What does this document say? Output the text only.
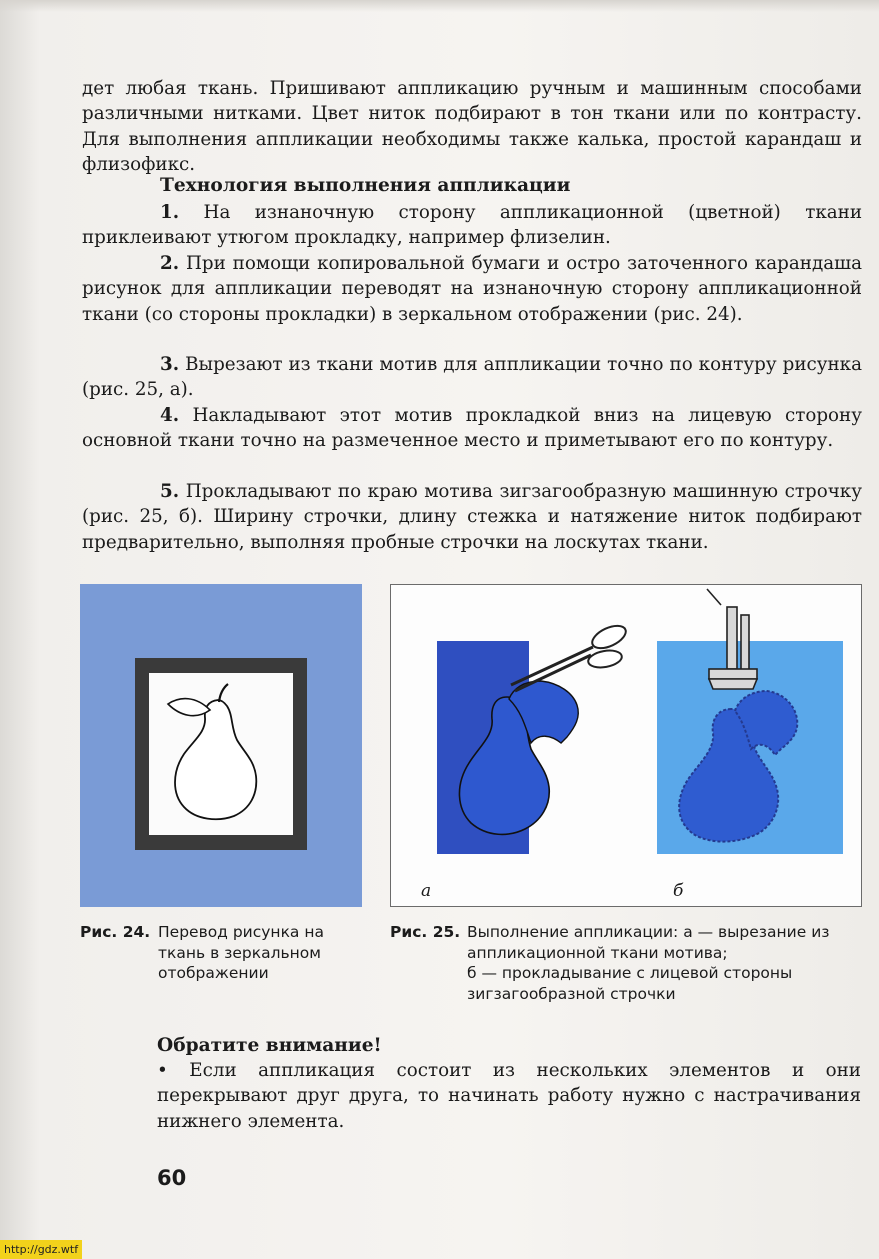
дет любая ткань. Пришивают аппликацию ручным и машинным способами различными нитками. Цвет ниток подбирают в тон ткани или по контрасту. Для выполнения аппликации необходимы также калька, простой карандаш и флизофикс.

Технология выполнения аппликации

1. На изнаночную сторону аппликационной (цветной) ткани приклеивают утюгом прокладку, например флизелин.

2. При помощи копировальной бумаги и остро заточенного карандаша рисунок для аппликации переводят на изнаночную сторону аппликационной ткани (со стороны прокладки) в зеркальном отображении (рис. 24).

3. Вырезают из ткани мотив для аппликации точно по контуру рисунка (рис. 25, а).

4. Накладывают этот мотив прокладкой вниз на лицевую сторону основной ткани точно на размеченное место и приметывают его по контуру.

5. Прокладывают по краю мотива зигзагообразную машинную строчку (рис. 25, б). Ширину строчки, длину стежка и натяжение ниток подбирают предварительно, выполняя пробные строчки на лоскутах ткани.

а	б
Рис. 24. Перевод рисунка на ткань в зеркальном отображении
Рис. 25. Выполнение аппликации: а — вырезание из аппликационной ткани мотива;
б — прокладывание с лицевой стороны зигзагообразной строчки

Обратите внимание!

• Если аппликация состоит из нескольких элементов и они перекрывают друг друга, то начинать работу нужно с настрачивания нижнего элемента.

60
http://gdz.wtf
